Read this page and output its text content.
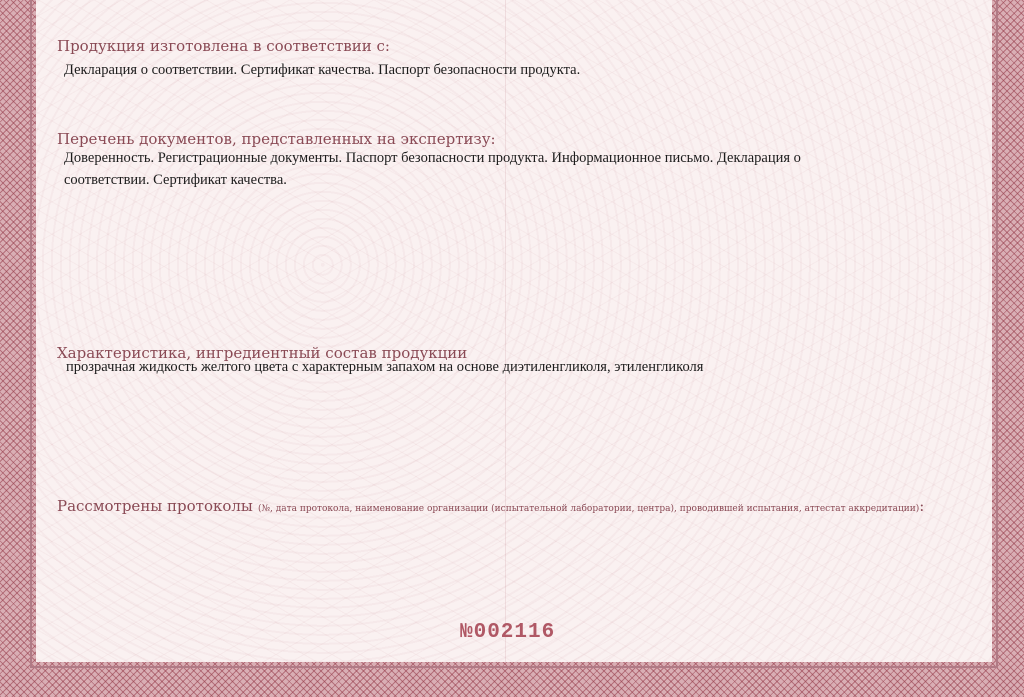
Продукция изготовлена в соответствии с:
Декларация о соответствии. Сертификат качества. Паспорт безопасности продукта.
Перечень документов, представленных на экспертизу:
Доверенность. Регистрационные документы. Паспорт безопасности продукта. Информационное письмо. Декларация о
соответствии. Сертификат качества.
Характеристика, ингредиентный состав продукции
прозрачная жидкость желтого цвета с характерным запахом на основе диэтиленгликоля, этиленгликоля
Рассмотрены протоколы (№, дата протокола, наименование организации (испытательной лаборатории, центра), проводившей испытания, аттестат аккредитации):
№002116
